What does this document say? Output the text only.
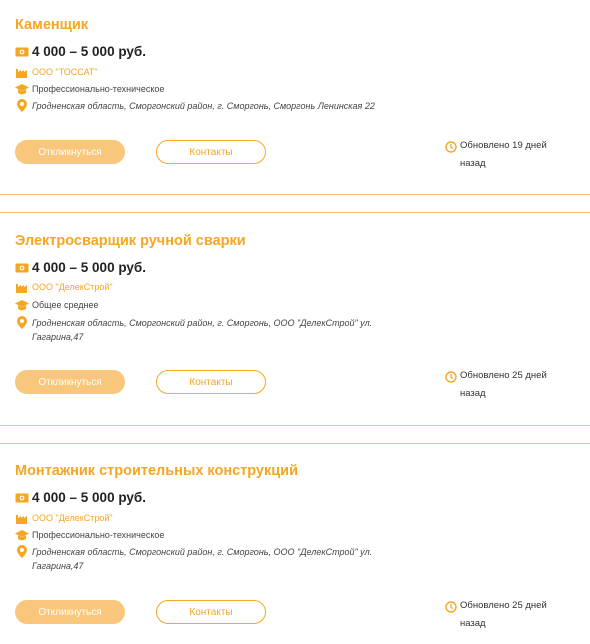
Каменщик
4 000 – 5 000 руб.
ООО "ТОССАТ"
Профессионально-техническое
Гродненская область, Сморгонский район, г. Сморгонь, Сморгонь Ленинская 22
Откликнуться	Контакты
Обновлено 19 дней назад
Электросварщик ручной сварки
4 000 – 5 000 руб.
ООО "ДелекСтрой"
Общее среднее
Гродненская область, Сморгонский район, г. Сморгонь, ООО "ДелекСтрой" ул. Гагарина,47
Откликнуться	Контакты
Обновлено 25 дней назад
Монтажник строительных конструкций
4 000 – 5 000 руб.
ООО "ДелекСтрой"
Профессионально-техническое
Гродненская область, Сморгонский район, г. Сморгонь, ООО "ДелекСтрой" ул. Гагарина,47
Откликнуться	Контакты
Обновлено 25 дней назад
